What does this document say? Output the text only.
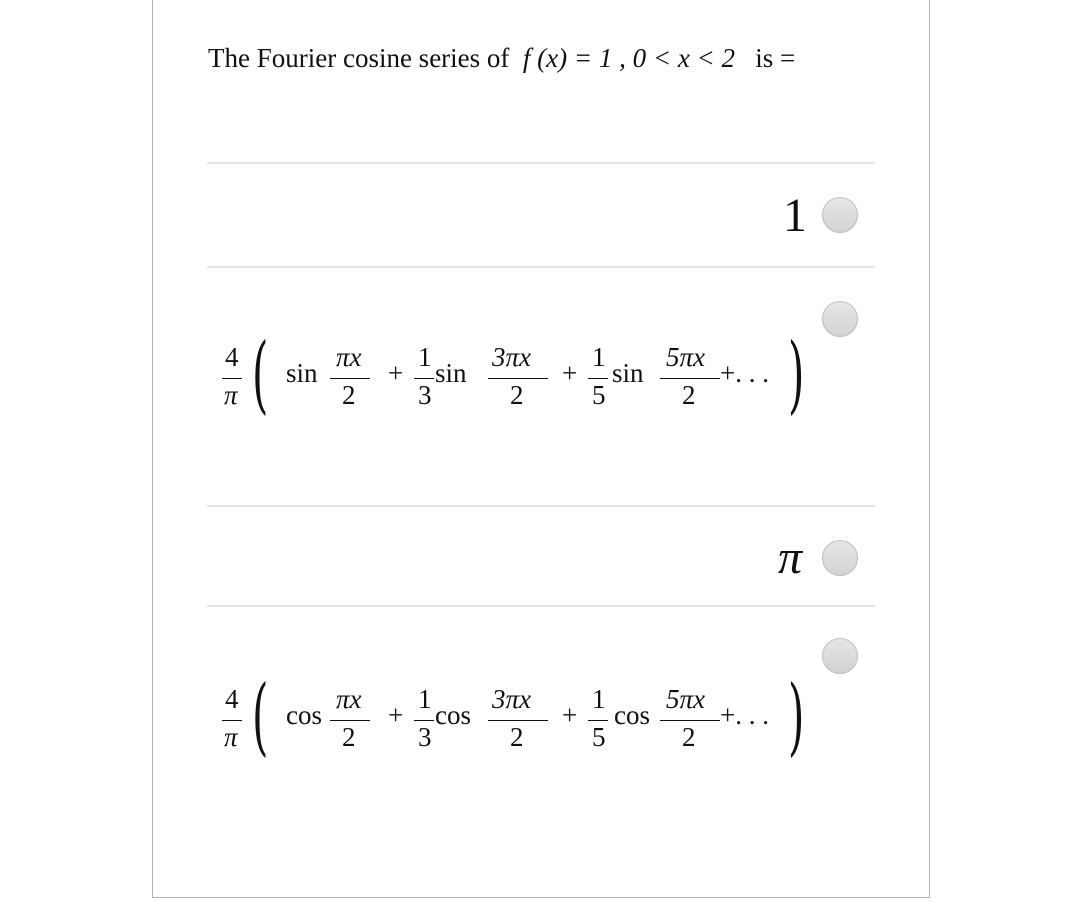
The Fourier cosine series of f (x) = 1 , 0 < x < 2 is =
1
4
π ( sin
πx
2
+
1
3
sin
3πx
2
+
1
5
sin
5πx
2
+. . . )
π
4
π ( cos
πx
2
+
1
3
cos
3πx
2
+
1
5
cos
5πx
2
+. . . )
